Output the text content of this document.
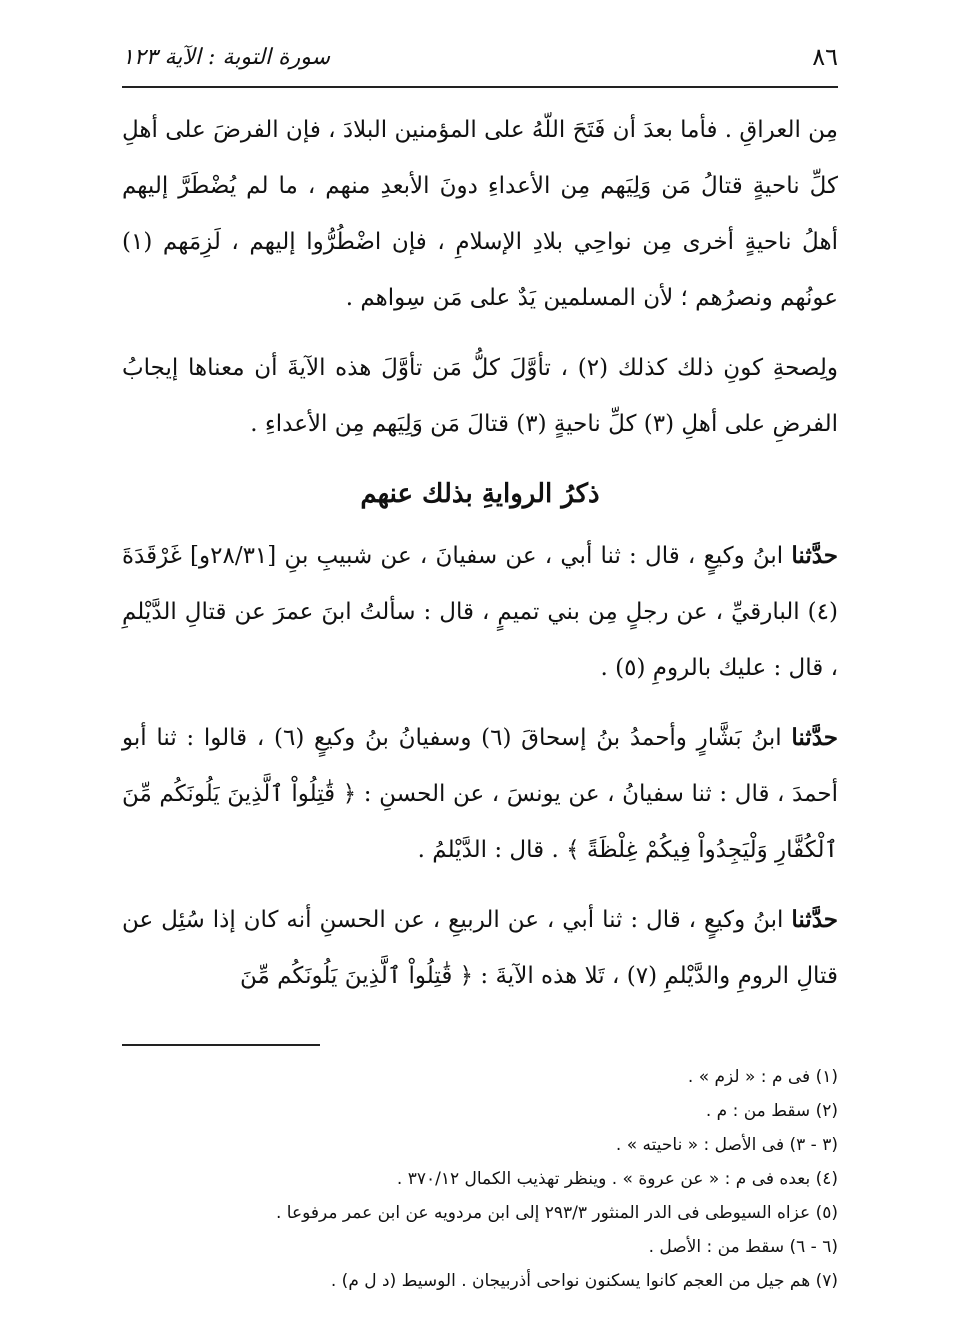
٨٦
سورة التوبة : الآية ١٢٣

مِن العراقِ . فأما بعدَ أن فَتَحَ اللّهُ على المؤمنين البلادَ ، فإن الفرضَ على أهلِ كلِّ ناحيةٍ قتالُ مَن وَلِيَهم مِن الأعداءِ دونَ الأبعدِ منهم ، ما لم يُضْطَرَّ إليهم أهلُ ناحيةٍ أخرى مِن نواحِي بلادِ الإسلامِ ، فإن اضْطُرُّوا إليهم ، لَزِمَهم (١) عونُهم ونصرُهم ؛ لأن المسلمين يَدٌ على مَن سِواهم .

ولِصحةِ كونِ ذلك كذلك (٢) ، تأوَّلَ كلُّ مَن تأوَّلَ هذه الآيةَ أن معناها إيجابُ الفرضِ على أهلِ (٣) كلِّ ناحيةٍ (٣) قتالَ مَن وَلِيَهم مِن الأعداءِ .

ذكرُ الروايةِ بذلك عنهم

حدَّثنا ابنُ وكيعٍ ، قال : ثنا أبي ، عن سفيانَ ، عن شبيبِ بنِ [٢٨/٣١و] غَرْقَدَةَ (٤) البارقيِّ ، عن رجلٍ مِن بني تميمٍ ، قال : سألتُ ابنَ عمرَ عن قتالِ الدَّيْلمِ ، قال : عليك بالرومِ (٥) .

حدَّثنا ابنُ بَشَّارٍ وأحمدُ بنُ إسحاقَ (٦) وسفيانُ بنُ وكيعٍ (٦) ، قالوا : ثنا أبو أحمدَ ، قال : ثنا سفيانُ ، عن يونسَ ، عن الحسنِ : ﴿ قَٰتِلُواْ ٱلَّذِينَ يَلُونَكُم مِّنَ ٱلْكُفَّارِ وَلْيَجِدُواْ فِيكُمْ غِلْظَةً ﴾ . قال : الدَّيْلمُ .

حدَّثنا ابنُ وكيعٍ ، قال : ثنا أبي ، عن الربيعِ ، عن الحسنِ أنه كان إذا سُئِل عن قتالِ الرومِ والدَّيْلمِ (٧) ، تَلا هذه الآيةَ : ﴿ قَٰتِلُواْ ٱلَّذِينَ يَلُونَكُم مِّنَ

(١) فى م : « لزم » .
(٢) سقط من : م .
(٣ - ٣) فى الأصل : « ناحيته » .
(٤) بعده فى م : « عن عروة » . وينظر تهذيب الكمال ٣٧٠/١٢ .
(٥) عزاه السيوطى فى الدر المنثور ٢٩٣/٣ إلى ابن مردويه عن ابن عمر مرفوعا .
(٦ - ٦) سقط من : الأصل .
(٧) هم جيل من العجم كانوا يسكنون نواحى أذربيجان . الوسيط (د ل م) .
